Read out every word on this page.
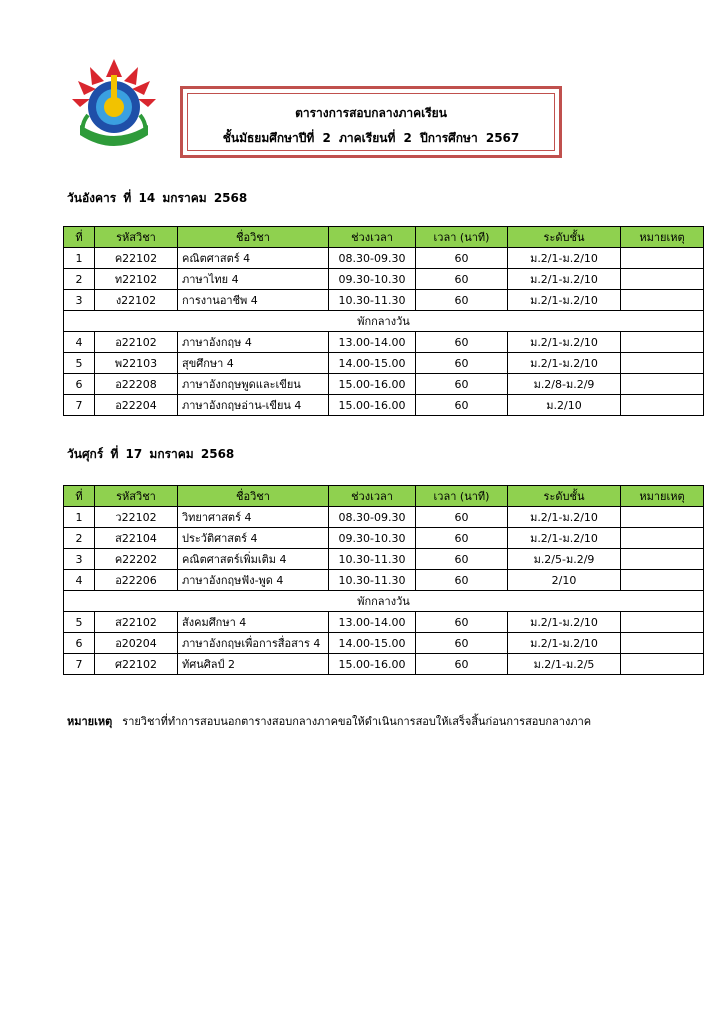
ตารางการสอบกลางภาคเรียน
ชั้นมัธยมศึกษาปีที่ 2 ภาคเรียนที่ 2 ปีการศึกษา 2567
วันอังคาร ที่ 14 มกราคม 2568
ที่	รหัสวิชา	ชื่อวิชา	ช่วงเวลา	เวลา (นาที)	ระดับชั้น	หมายเหตุ
1	ค22102	คณิตศาสตร์ 4	08.30-09.30	60	ม.2/1-ม.2/10	
2	ท22102	ภาษาไทย 4	09.30-10.30	60	ม.2/1-ม.2/10	
3	ง22102	การงานอาชีพ 4	10.30-11.30	60	ม.2/1-ม.2/10	
พักกลางวัน						
4	อ22102	ภาษาอังกฤษ 4	13.00-14.00	60	ม.2/1-ม.2/10	
5	พ22103	สุขศึกษา 4	14.00-15.00	60	ม.2/1-ม.2/10	
6	อ22208	ภาษาอังกฤษพูดและเขียน	15.00-16.00	60	ม.2/8-ม.2/9	
7	อ22204	ภาษาอังกฤษอ่าน-เขียน 4	15.00-16.00	60	ม.2/10	
วันศุกร์ ที่ 17 มกราคม 2568
ที่	รหัสวิชา	ชื่อวิชา	ช่วงเวลา	เวลา (นาที)	ระดับชั้น	หมายเหตุ
1	ว22102	วิทยาศาสตร์ 4	08.30-09.30	60	ม.2/1-ม.2/10	
2	ส22104	ประวัติศาสตร์ 4	09.30-10.30	60	ม.2/1-ม.2/10	
3	ค22202	คณิตศาสตร์เพิ่มเติม 4	10.30-11.30	60	ม.2/5-ม.2/9	
4	อ22206	ภาษาอังกฤษฟัง-พูด 4	10.30-11.30	60	2/10	
พักกลางวัน						
5	ส22102	สังคมศึกษา 4	13.00-14.00	60	ม.2/1-ม.2/10	
6	อ20204	ภาษาอังกฤษเพื่อการสื่อสาร 4	14.00-15.00	60	ม.2/1-ม.2/10	
7	ศ22102	ทัศนศิลป์ 2	15.00-16.00	60	ม.2/1-ม.2/5	
หมายเหตุ รายวิชาที่ทำการสอบนอกตารางสอบกลางภาคขอให้ดำเนินการสอบให้เสร็จสิ้นก่อนการสอบกลางภาค
